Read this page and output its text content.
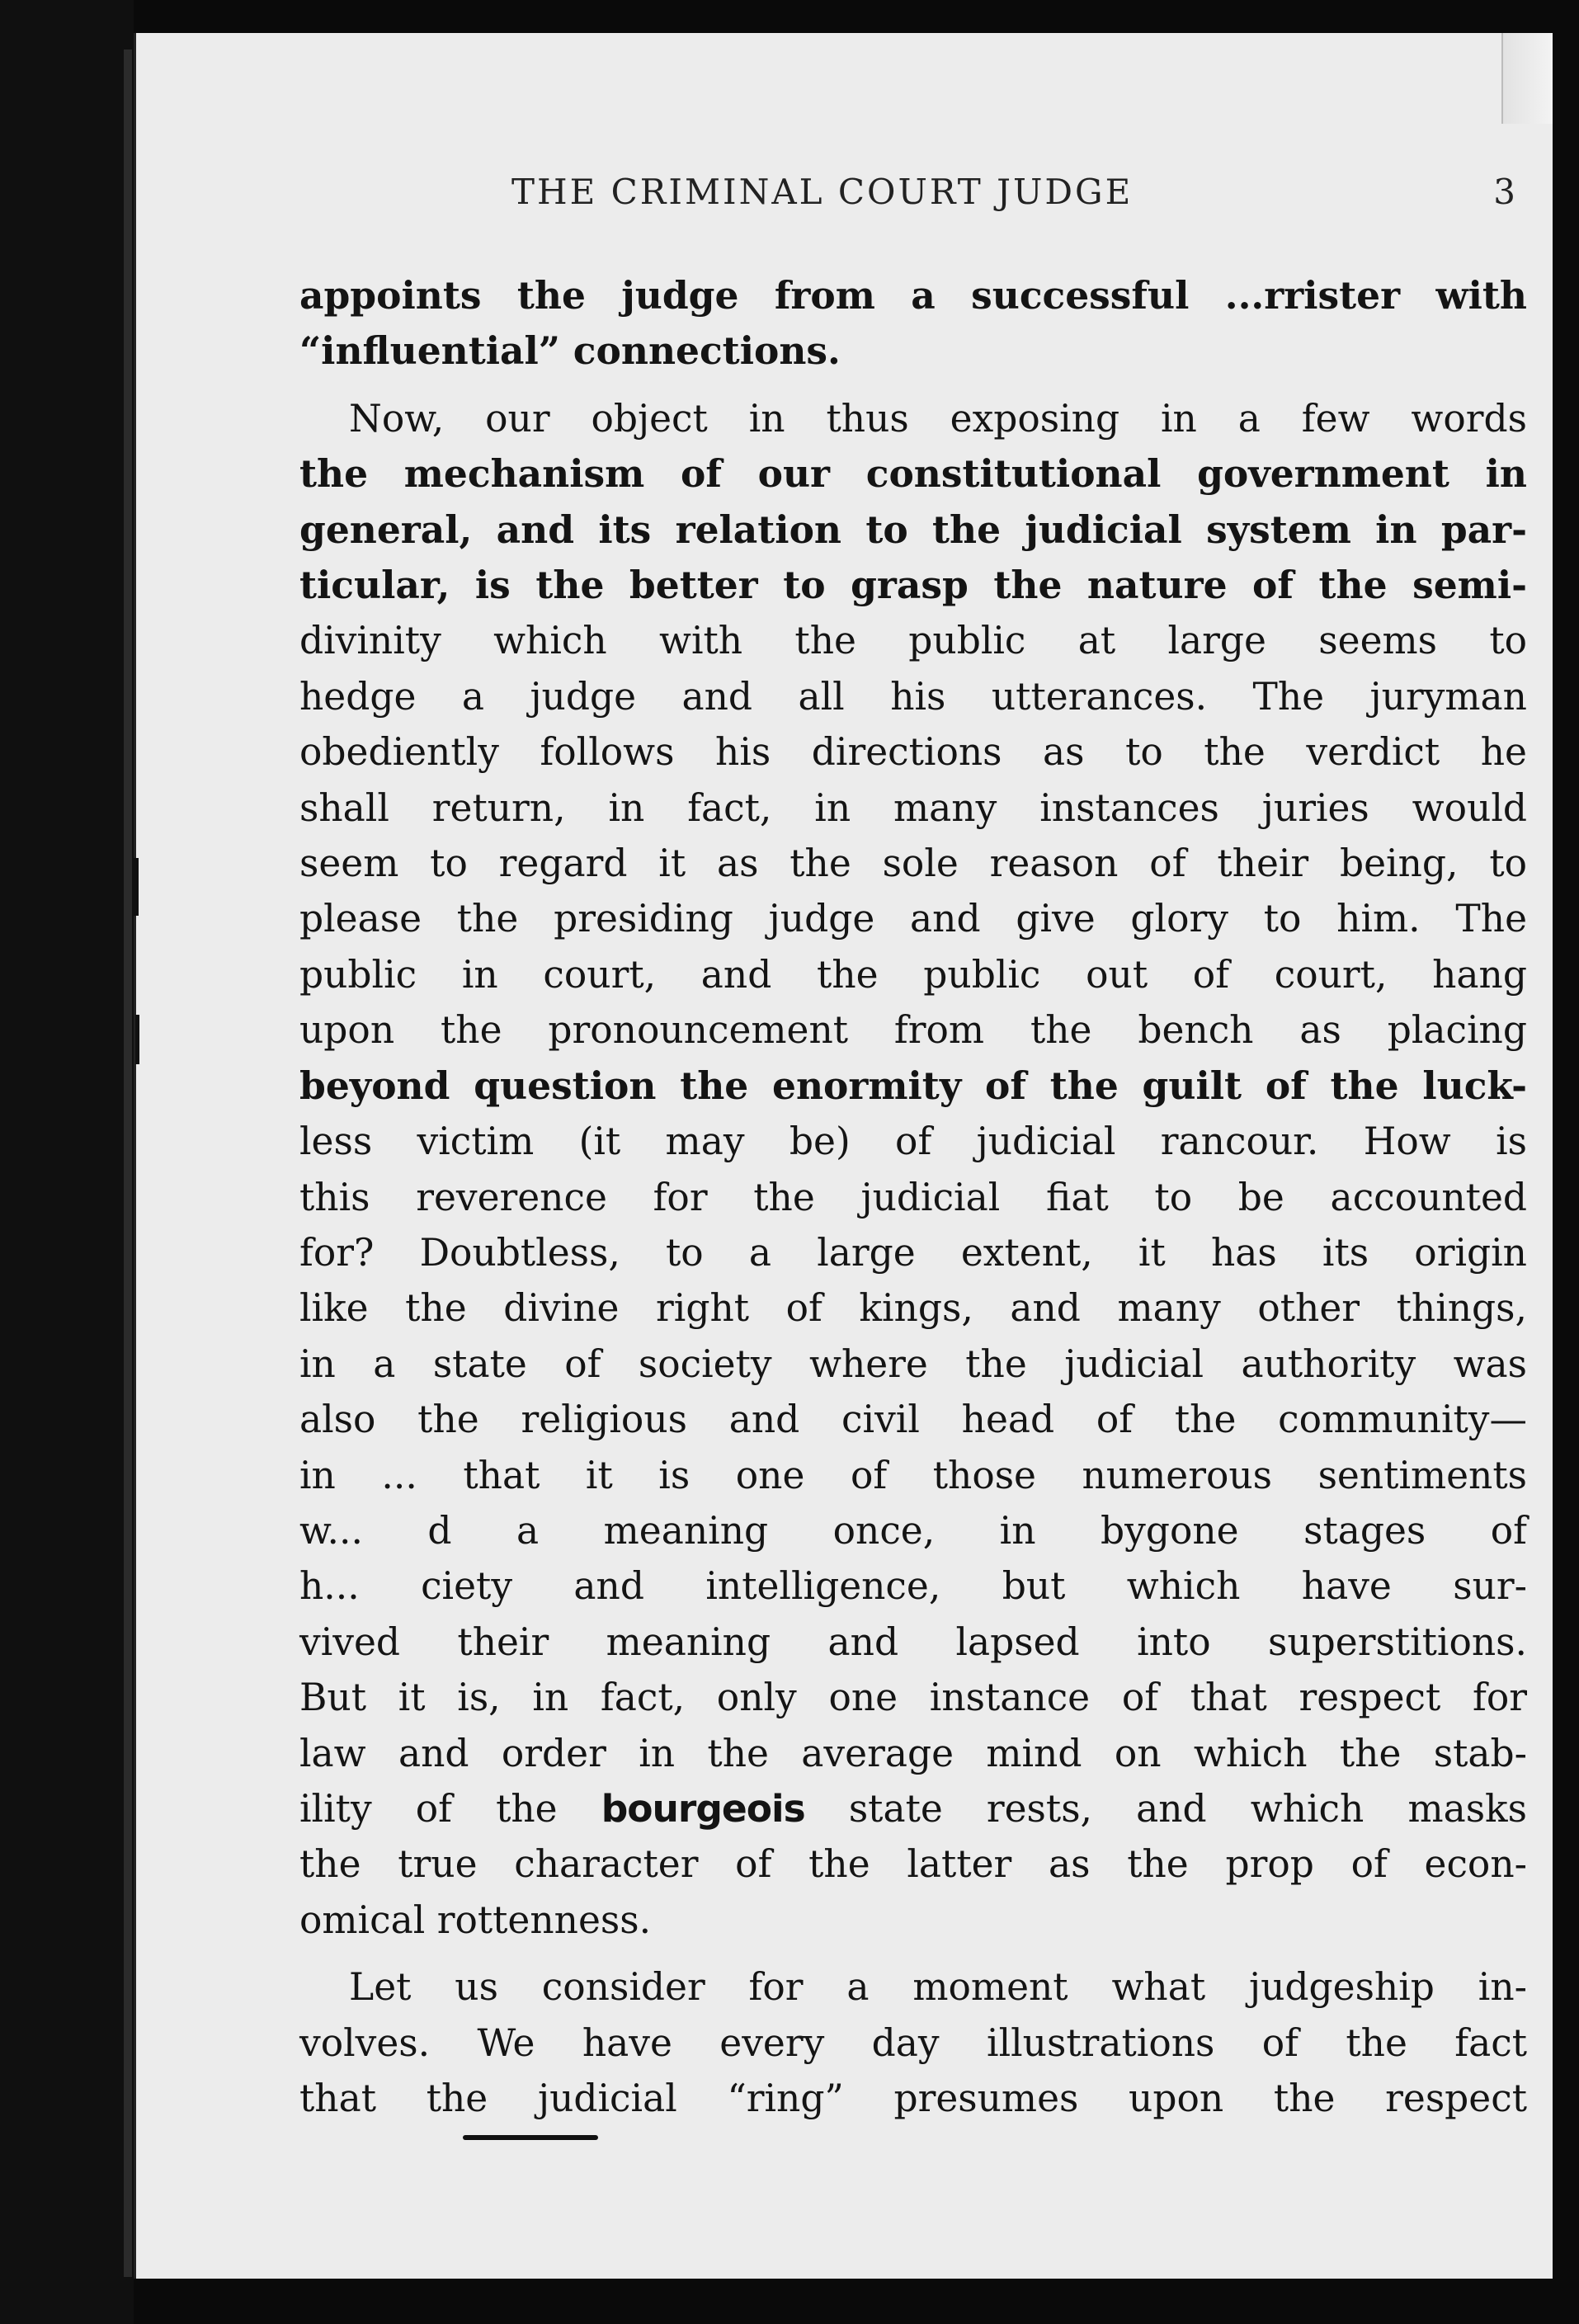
THE CRIMINAL COURT JUDGE	3

appoints the judge from a successful ...rrister with

“influential” connections.

Now, our object in thus exposing in a few words

the mechanism of our constitutional government in

general, and its relation to the judicial system in par-

ticular, is the better to grasp the nature of the semi-

divinity which with the public at large seems to

hedge a judge and all his utterances. The juryman

obediently follows his directions as to the verdict he

shall return, in fact, in many instances juries would

seem to regard it as the sole reason of their being, to

please the presiding judge and give glory to him. The

public in court, and the public out of court, hang

upon the pronouncement from the bench as placing

beyond question the enormity of the guilt of the luck-

less victim (it may be) of judicial rancour. How is

this reverence for the judicial fiat to be accounted

for? Doubtless, to a large extent, it has its origin

like the divine right of kings, and many other things,

in a state of society where the judicial authority was

also the religious and civil head of the community—

in ... that it is one of those numerous sentiments

w... d a meaning once, in bygone stages of

h... ciety and intelligence, but which have sur-

vived their meaning and lapsed into superstitions.

But it is, in fact, only one instance of that respect for

law and order in the average mind on which the stab-

ility of the bourgeois state rests, and which masks

the true character of the latter as the prop of econ-

omical rottenness.

Let us consider for a moment what judgeship in-

volves. We have every day illustrations of the fact

that the judicial “ring” presumes upon the respect
